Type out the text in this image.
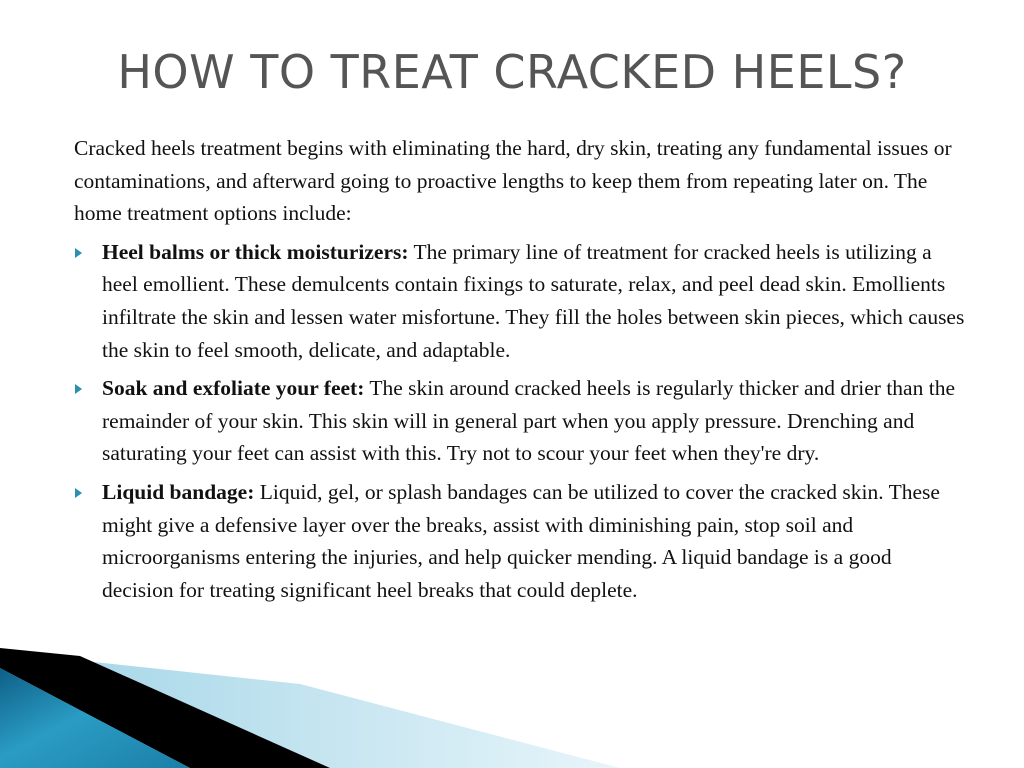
HOW TO TREAT CRACKED HEELS?

Cracked heels treatment begins with eliminating the hard, dry skin, treating any fundamental issues or contaminations, and afterward going to proactive lengths to keep them from repeating later on. The home treatment options include:

Heel balms or thick moisturizers: The primary line of treatment for cracked heels is utilizing a heel emollient. These demulcents contain fixings to saturate, relax, and peel dead skin. Emollients infiltrate the skin and lessen water misfortune. They fill the holes between skin pieces, which causes the skin to feel smooth, delicate, and adaptable.
Soak and exfoliate your feet: The skin around cracked heels is regularly thicker and drier than the remainder of your skin. This skin will in general part when you apply pressure. Drenching and saturating your feet can assist with this. Try not to scour your feet when they're dry.
Liquid bandage: Liquid, gel, or splash bandages can be utilized to cover the cracked skin. These might give a defensive layer over the breaks, assist with diminishing pain, stop soil and microorganisms entering the injuries, and help quicker mending. A liquid bandage is a good decision for treating significant heel breaks that could deplete.
